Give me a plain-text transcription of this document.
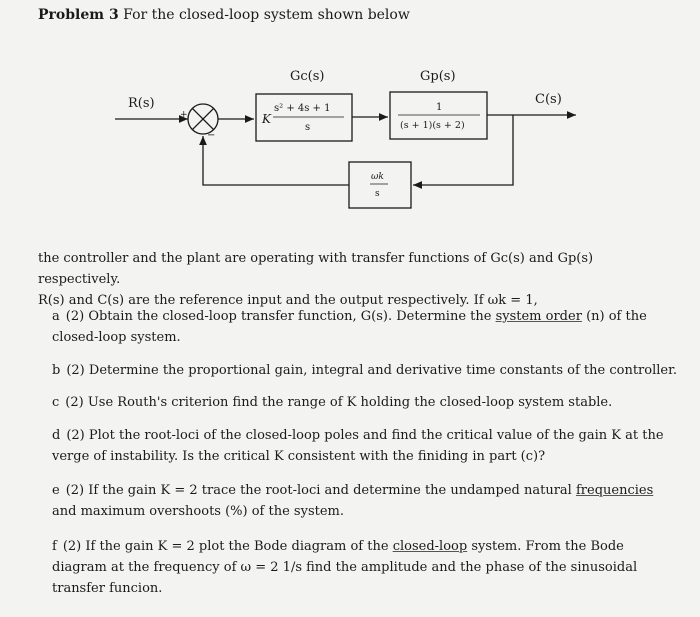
Problem 3 For the closed-loop system shown below
R(s)
+
−
Gc(s)
K
s² + 4s + 1
s
Gp(s)
1
(s + 1)(s + 2)
C(s)
ωk
s
the controller and the plant are operating with transfer functions of Gc(s) and Gp(s) respectively.
R(s) and C(s) are the reference input and the output respectively. If ωk = 1,
a (2) Obtain the closed-loop transfer function, G(s). Determine the system order (n) of the closed-loop system.
b (2) Determine the proportional gain, integral and derivative time constants of the controller.
c (2) Use Routh's criterion find the range of K holding the closed-loop system stable.
d (2) Plot the root-loci of the closed-loop poles and find the critical value of the gain K at the verge of instability. Is the critical K consistent with the finiding in part (c)?
e (2) If the gain K = 2 trace the root-loci and determine the undamped natural frequencies and maximum overshoots (%) of the system.
f (2) If the gain K = 2 plot the Bode diagram of the closed-loop system. From the Bode diagram at the frequency of ω = 2 1/s find the amplitude and the phase of the sinusoidal transfer funcion.
